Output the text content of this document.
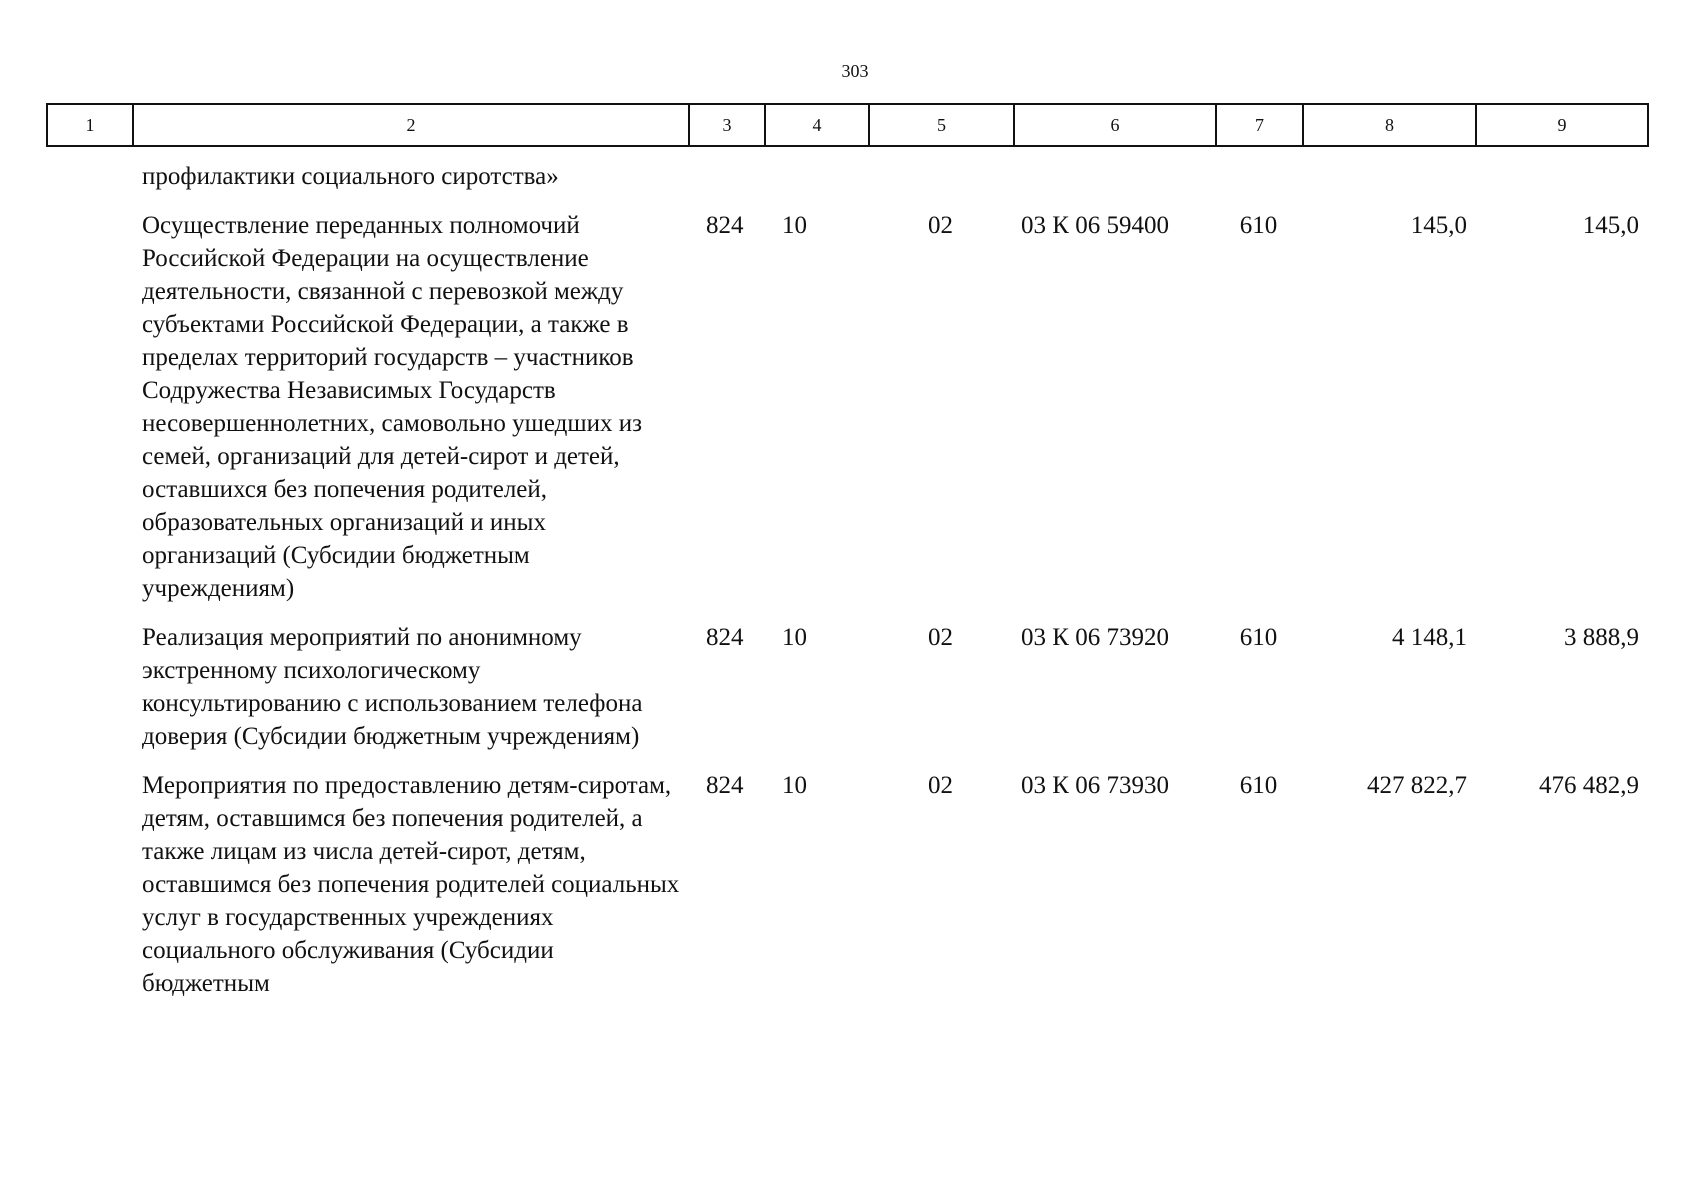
303
1	2	3	4	5	6	7	8	9
профилактики социального сиротства»							
Осуществление переданных полномочий Российской Федерации на осуществление деятельности, связанной с перевозкой между субъектами Российской Федерации, а также в пределах территорий государств – участников Содружества Независимых Государств несовершеннолетних, самовольно ушедших из семей, организаций для детей-сирот и детей, оставшихся без попечения родителей, образовательных организаций и иных организаций (Субсидии бюджетным учреждениям)	824	10	02	03 К 06 59400	610	145,0	145,0
Реализация мероприятий по анонимному экстренному психологическому консультированию с использованием телефона доверия (Субсидии бюджетным учреждениям)	824	10	02	03 К 06 73920	610	4 148,1	3 888,9
Мероприятия по предоставлению детям-сиротам, детям, оставшимся без попечения родителей, а также лицам из числа детей-сирот, детям, оставшимся без попечения родителей социальных услуг в государственных учреждениях социального обслуживания (Субсидии бюджетным	824	10	02	03 К 06 73930	610	427 822,7	476 482,9
